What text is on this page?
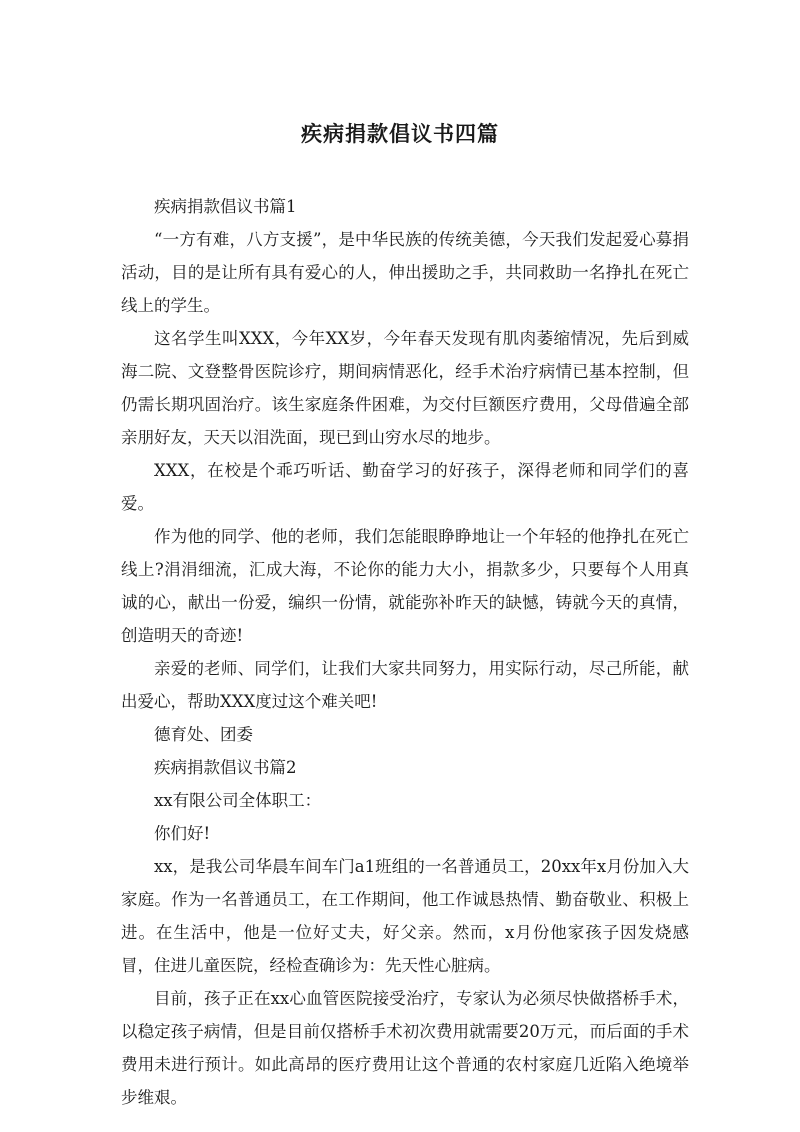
疾病捐款倡议书四篇

疾病捐款倡议书篇1

“一方有难，八方支援”，是中华民族的传统美德，今天我们发起爱心募捐活动，目的是让所有具有爱心的人，伸出援助之手，共同救助一名挣扎在死亡线上的学生。

这名学生叫XXX，今年XX岁，今年春天发现有肌肉萎缩情况，先后到威海二院、文登整骨医院诊疗，期间病情恶化，经手术治疗病情已基本控制，但仍需长期巩固治疗。该生家庭条件困难，为交付巨额医疗费用，父母借遍全部亲朋好友，天天以泪洗面，现已到山穷水尽的地步。

XXX，在校是个乖巧听话、勤奋学习的好孩子，深得老师和同学们的喜爱。

作为他的同学、他的老师，我们怎能眼睁睁地让一个年轻的他挣扎在死亡线上?涓涓细流，汇成大海，不论你的能力大小，捐款多少，只要每个人用真诚的心，献出一份爱，编织一份情，就能弥补昨天的缺憾，铸就今天的真情，创造明天的奇迹!

亲爱的老师、同学们，让我们大家共同努力，用实际行动，尽己所能，献出爱心，帮助XXX度过这个难关吧!

德育处、团委

疾病捐款倡议书篇2

xx有限公司全体职工：

你们好!

xx，是我公司华晨车间车门a1班组的一名普通员工，20xx年x月份加入大家庭。作为一名普通员工，在工作期间，他工作诚恳热情、勤奋敬业、积极上进。在生活中，他是一位好丈夫，好父亲。然而，x月份他家孩子因发烧感冒，住进儿童医院，经检查确诊为：先天性心脏病。

目前，孩子正在xx心血管医院接受治疗，专家认为必须尽快做搭桥手术，以稳定孩子病情，但是目前仅搭桥手术初次费用就需要20万元，而后面的手术费用未进行预计。如此高昂的医疗费用让这个普通的农村家庭几近陷入绝境举步维艰。
